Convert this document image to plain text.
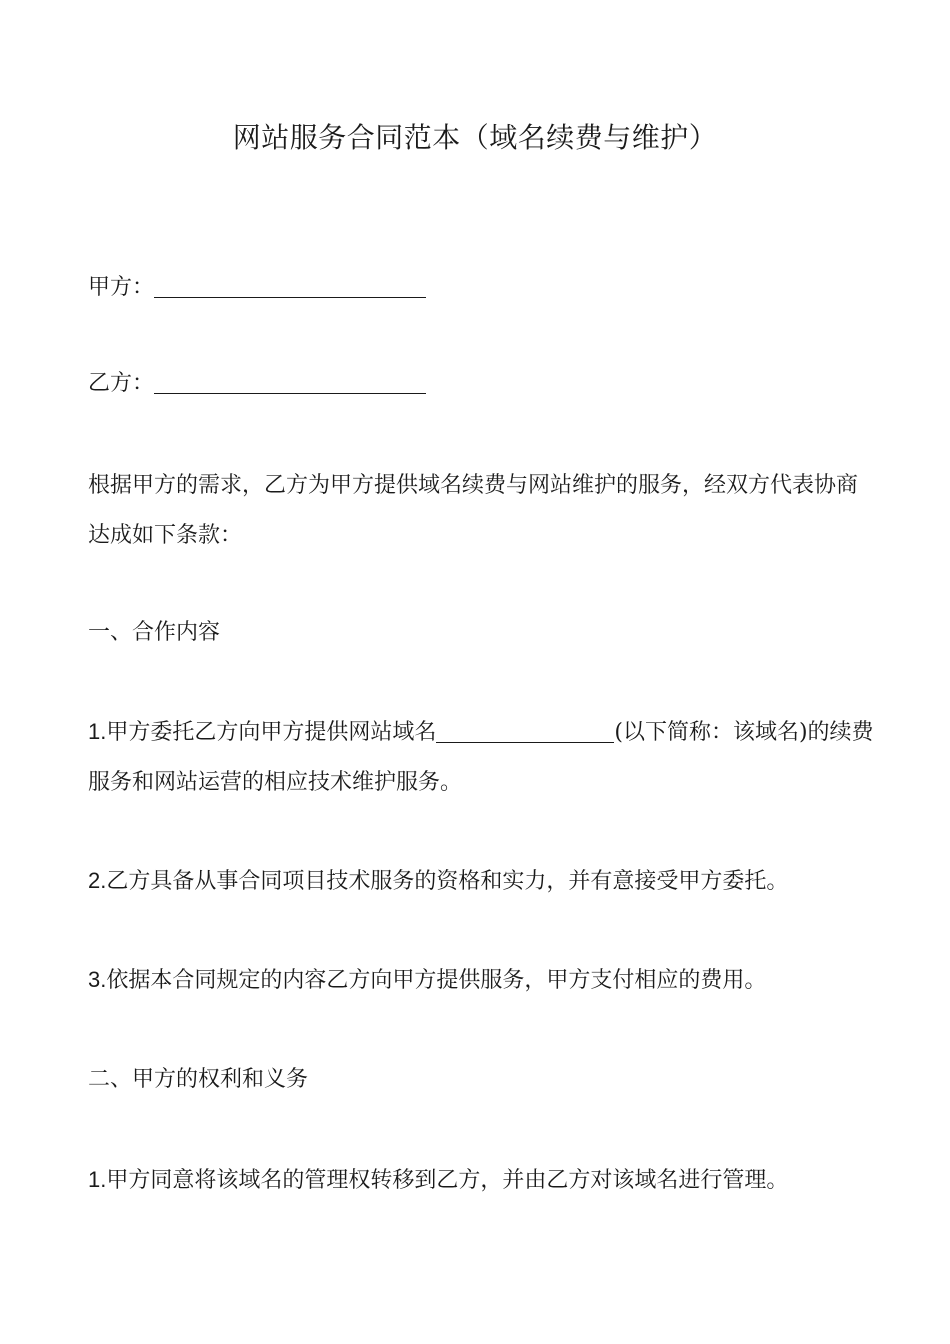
网站服务合同范本（域名续费与维护）
甲方：
乙方：
根据甲方的需求，乙方为甲方提供域名续费与网站维护的服务，经双方代表协商达成如下条款：
一、合作内容
1.甲方委托乙方向甲方提供网站域名	(以下简称：该域名)的续费服务和网站运营的相应技术维护服务。
2.乙方具备从事合同项目技术服务的资格和实力，并有意接受甲方委托。
3.依据本合同规定的内容乙方向甲方提供服务，甲方支付相应的费用。
二、甲方的权利和义务
1.甲方同意将该域名的管理权转移到乙方，并由乙方对该域名进行管理。
